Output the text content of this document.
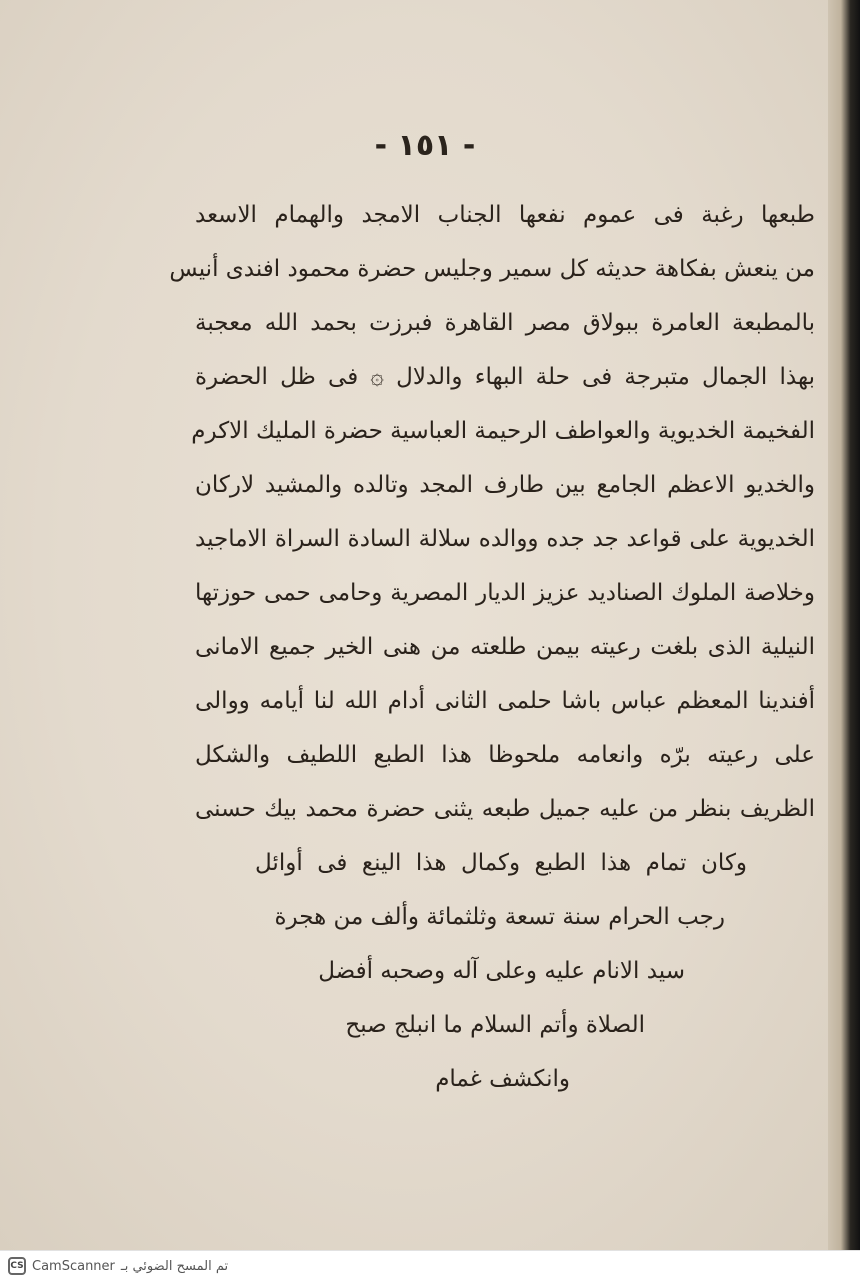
- ١٥١ -
طبعها رغبة فى عموم نفعها الجناب الامجد والهمام الاسعد
من ينعش بفكاهة حديثه كل سمير وجليس حضرة محمود افندى أنيس
بالمطبعة العامرة ببولاق مصر القاهرة فبرزت بحمد الله معجبة
بهذا الجمال متبرجة فى حلة البهاء والدلال ۞ فى ظل الحضرة
الفخيمة الخديوية والعواطف الرحيمة العباسية حضرة المليك الاكرم
والخديو الاعظم الجامع بين طارف المجد وتالده والمشيد لاركان
الخديوية على قواعد جد جده ووالده سلالة السادة السراة الاماجيد
وخلاصة الملوك الصناديد عزيز الديار المصرية وحامى حمى حوزتها
النيلية الذى بلغت رعيته بيمن طلعته من هنى الخير جميع الامانى
أفندينا المعظم عباس باشا حلمى الثانى أدام الله لنا أيامه ووالى
على رعيته برّه وانعامه ملحوظا هذا الطبع اللطيف والشكل
الظريف بنظر من عليه جميل طبعه يثنى حضرة محمد بيك حسنى
وكان تمام هذا الطبع وكمال هذا الينع فى أوائل
رجب الحرام سنة تسعة وثلثمائة وألف من هجرة
سيد الانام عليه وعلى آله وصحبه أفضل
الصلاة وأتم السلام ما انبلج صبح
وانكشف غمام
CS CamScanner تم المسح الضوئي بـ
